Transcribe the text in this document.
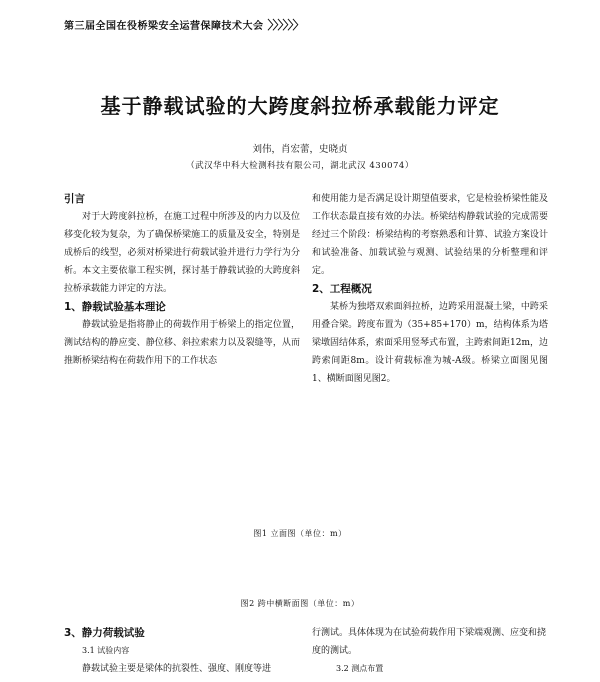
第三届全国在役桥梁安全运营保障技术大会 〉〉〉〉〉〉
基于静载试验的大跨度斜拉桥承载能力评定
刘伟，肖宏蕾，史晓贞
（武汉华中科大检测科技有限公司，湖北武汉 430074）
引言

对于大跨度斜拉桥，在施工过程中所涉及的内力以及位移变化较为复杂，为了确保桥梁施工的质量及安全，特别是成桥后的线型，必须对桥梁进行荷载试验并进行力学行为分析。本文主要依靠工程实例，探讨基于静载试验的大跨度斜拉桥承载能力评定的方法。

1、静载试验基本理论

静载试验是指将静止的荷载作用于桥梁上的指定位置，测试结构的静应变、静位移、斜拉索索力以及裂缝等，从而推断桥梁结构在荷载作用下的工作状态

和使用能力是否满足设计期望值要求，它是检验桥梁性能及工作状态最直接有效的办法。桥梁结构静载试验的完成需要经过三个阶段：桥梁结构的考察熟悉和计算、试验方案设计和试验准备、加载试验与观测、试验结果的分析整理和评定。

2、工程概况

某桥为独塔双索面斜拉桥，边跨采用混凝土梁，中跨采用叠合梁。跨度布置为（35+85+170）m，结构体系为塔梁墩固结体系，索面采用竖琴式布置，主跨索间距12m，边跨索间距8m。设计荷载标准为城-A级。桥梁立面图见图1、横断面图见图2。

图1 立面图（单位：m）
图2 跨中横断面图（单位：m）
3、静力荷载试验
3.1 试验内容

静载试验主要是梁体的抗裂性、强度、刚度等进

行测试。具体体现为在试验荷载作用下梁端观测、应变和挠度的测试。

3.2 测点布置
